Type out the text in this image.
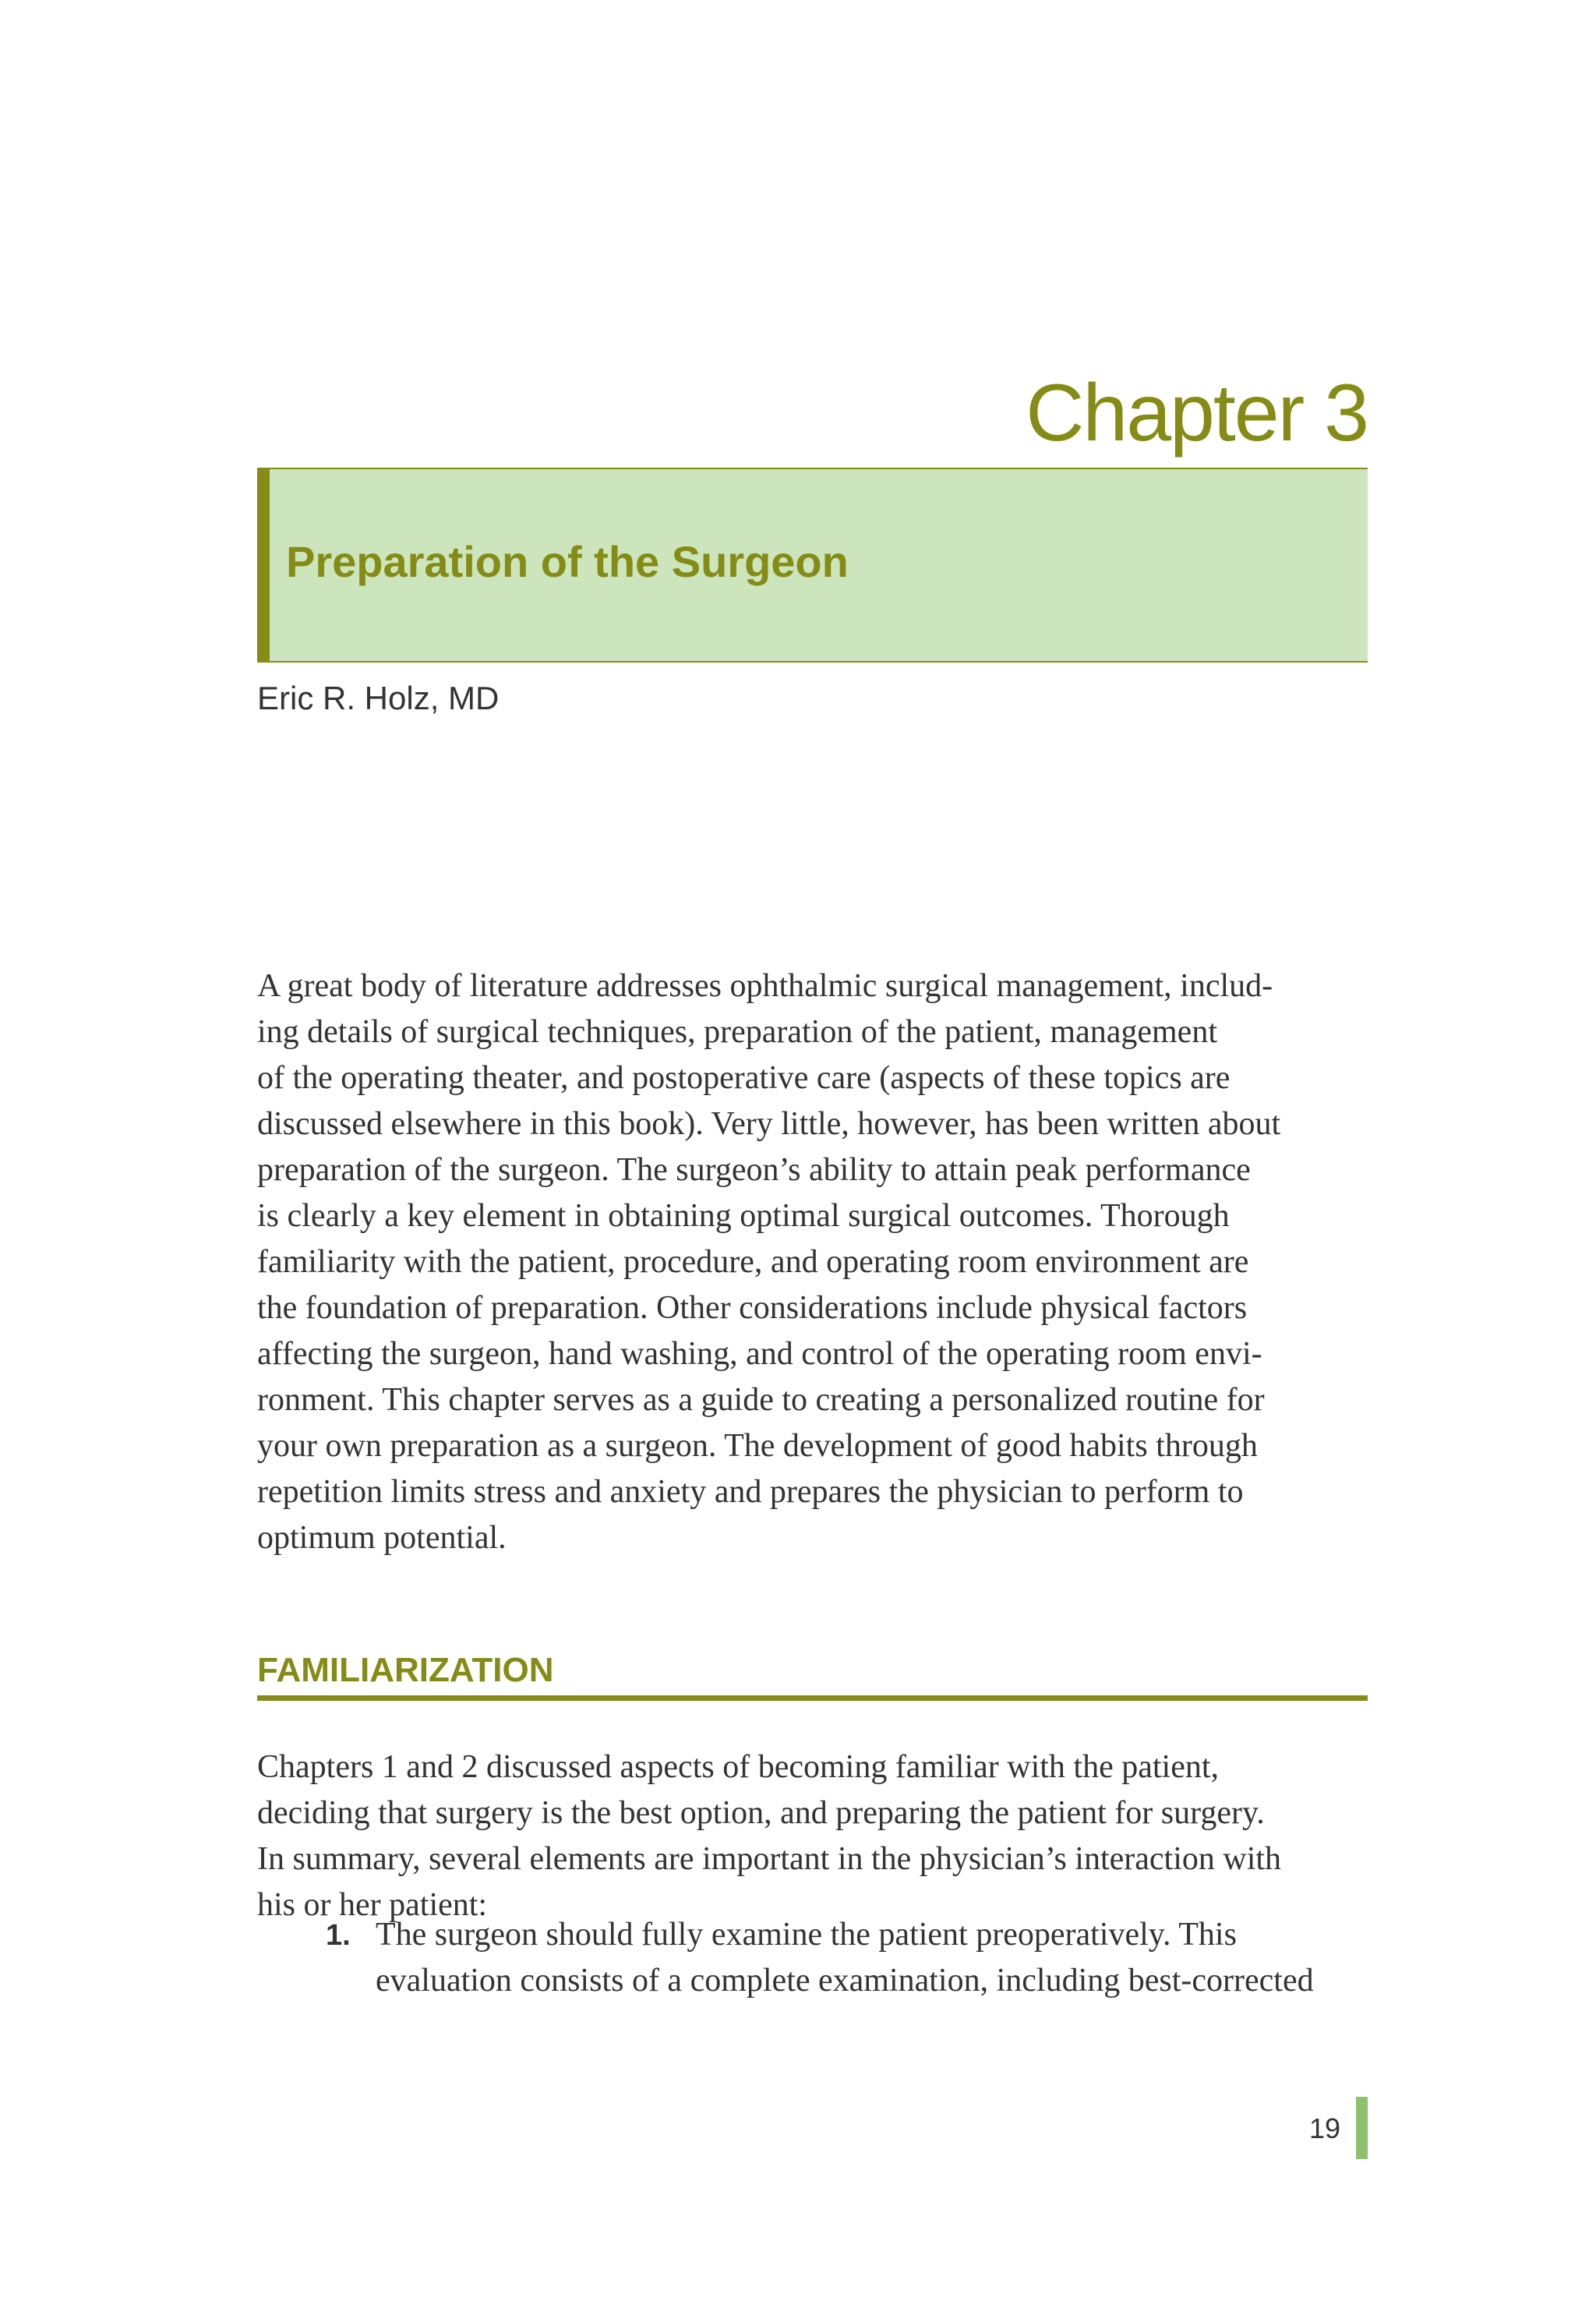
Chapter 3
Preparation of the Surgeon
Eric R. Holz, MD
A great body of literature addresses ophthalmic surgical management, includ-
ing details of surgical techniques, preparation of the patient, management
of the operating theater, and postoperative care (aspects of these topics are
discussed elsewhere in this book). Very little, however, has been written about
preparation of the surgeon. The surgeon’s ability to attain peak performance
is clearly a key element in obtaining optimal surgical outcomes. Thorough
familiarity with the patient, procedure, and operating room environment are
the foundation of preparation. Other considerations include physical factors
affecting the surgeon, hand washing, and control of the operating room envi-
ronment. This chapter serves as a guide to creating a personalized routine for
your own preparation as a surgeon. The development of good habits through
repetition limits stress and anxiety and prepares the physician to perform to
optimum potential.
FAMILIARIZATION
Chapters 1 and 2 discussed aspects of becoming familiar with the patient,
deciding that surgery is the best option, and preparing the patient for surgery.
In summary, several elements are important in the physician’s interaction with
his or her patient:
1. The surgeon should fully examine the patient preoperatively. This
evaluation consists of a complete examination, including best-corrected
19
